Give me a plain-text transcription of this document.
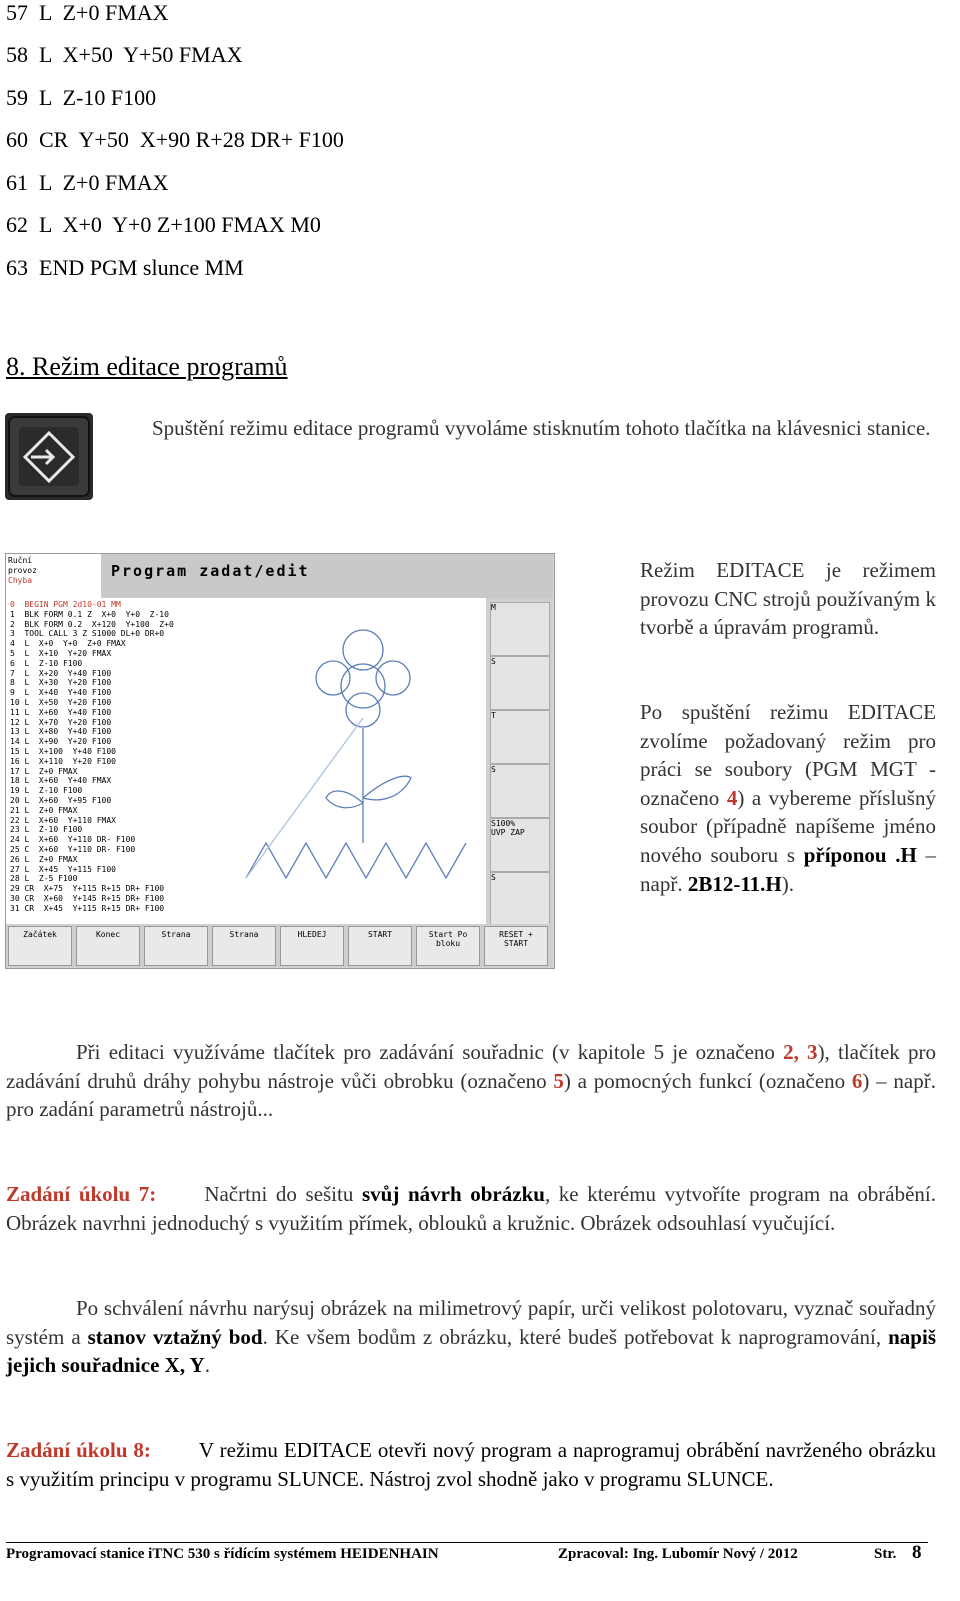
57  L  Z+0 FMAX
58  L  X+50  Y+50 FMAX
59  L  Z-10 F100
60  CR  Y+50  X+90 R+28 DR+ F100
61  L  Z+0 FMAX
62  L  X+0  Y+0 Z+100 FMAX M0
63  END PGM slunce MM
8. Režim editace programů
Spuštění režimu editace programů vyvoláme stisknutím tohoto tlačítka na klávesnici stanice.
Ruční
provoz
Chyba
Program zadat/edit
0  BEGIN PGM 2d10-01 MM
1  BLK FORM 0.1 Z  X+0  Y+0  Z-10
2  BLK FORM 0.2  X+120  Y+100  Z+0
3  TOOL CALL 3 Z S1000 DL+0 DR+0
4  L  X+0  Y+0  Z+0 FMAX
5  L  X+10  Y+20 FMAX
6  L  Z-10 F100
7  L  X+20  Y+40 F100
8  L  X+30  Y+20 F100
9  L  X+40  Y+40 F100
10 L  X+50  Y+20 F100
11 L  X+60  Y+40 F100
12 L  X+70  Y+20 F100
13 L  X+80  Y+40 F100
14 L  X+90  Y+20 F100
15 L  X+100  Y+40 F100
16 L  X+110  Y+20 F100
17 L  Z+0 FMAX
18 L  X+60  Y+40 FMAX
19 L  Z-10 F100
20 L  X+60  Y+95 F100
21 L  Z+0 FMAX
22 L  X+60  Y+110 FMAX
23 L  Z-10 F100
24 L  X+60  Y+110 DR- F100
25 C  X+60  Y+110 DR- F100
26 L  Z+0 FMAX
27 L  X+45  Y+115 F100
28 L  Z-5 F100
29 CR  X+75  Y+115 R+15 DR+ F100
30 CR  X+60  Y+145 R+15 DR+ F100
31 CR  X+45  Y+115 R+15 DR+ F100
M
S
T
S
S100%
UVP ZAP
S
Začátek	Konec	Strana	Strana	HLEDEJ	START	Start Po bloku
RESET + START
Režim EDITACE je režimem provozu CNC strojů používaným k tvorbě a úpravám programů.
Po spuštění režimu EDITACE zvolíme požadovaný režim pro práci se soubory (PGM MGT - označeno 4) a vybereme příslušný soubor (případně napíšeme jméno nového souboru s příponou .H – např. 2B12-11.H).
Při editaci využíváme tlačítek pro zadávání souřadnic (v kapitole 5 je označeno 2, 3), tlačítek pro zadávání druhů dráhy pohybu nástroje vůči obrobku (označeno 5) a pomocných funkcí (označeno 6) – např. pro zadání parametrů nástrojů...
Zadání úkolu 7: Načrtni do sešitu svůj návrh obrázku, ke kterému vytvoříte program na obrábění. Obrázek navrhni jednoduchý s využitím přímek, oblouků a kružnic. Obrázek odsouhlasí vyučující.
Po schválení návrhu narýsuj obrázek na milimetrový papír, urči velikost polotovaru, vyznač souřadný systém a stanov vztažný bod. Ke všem bodům z obrázku, které budeš potřebovat k naprogramování, napiš jejich souřadnice X, Y.
Zadání úkolu 8: V režimu EDITACE otevři nový program a naprogramuj obrábění navrženého obrázku s využitím principu v programu SLUNCE. Nástroj zvol shodně jako v programu SLUNCE.
Programovací stanice iTNC 530 s řídícím systémem HEIDENHAIN	Zpracoval: Ing. Lubomír Nový / 2012	Str. 8
